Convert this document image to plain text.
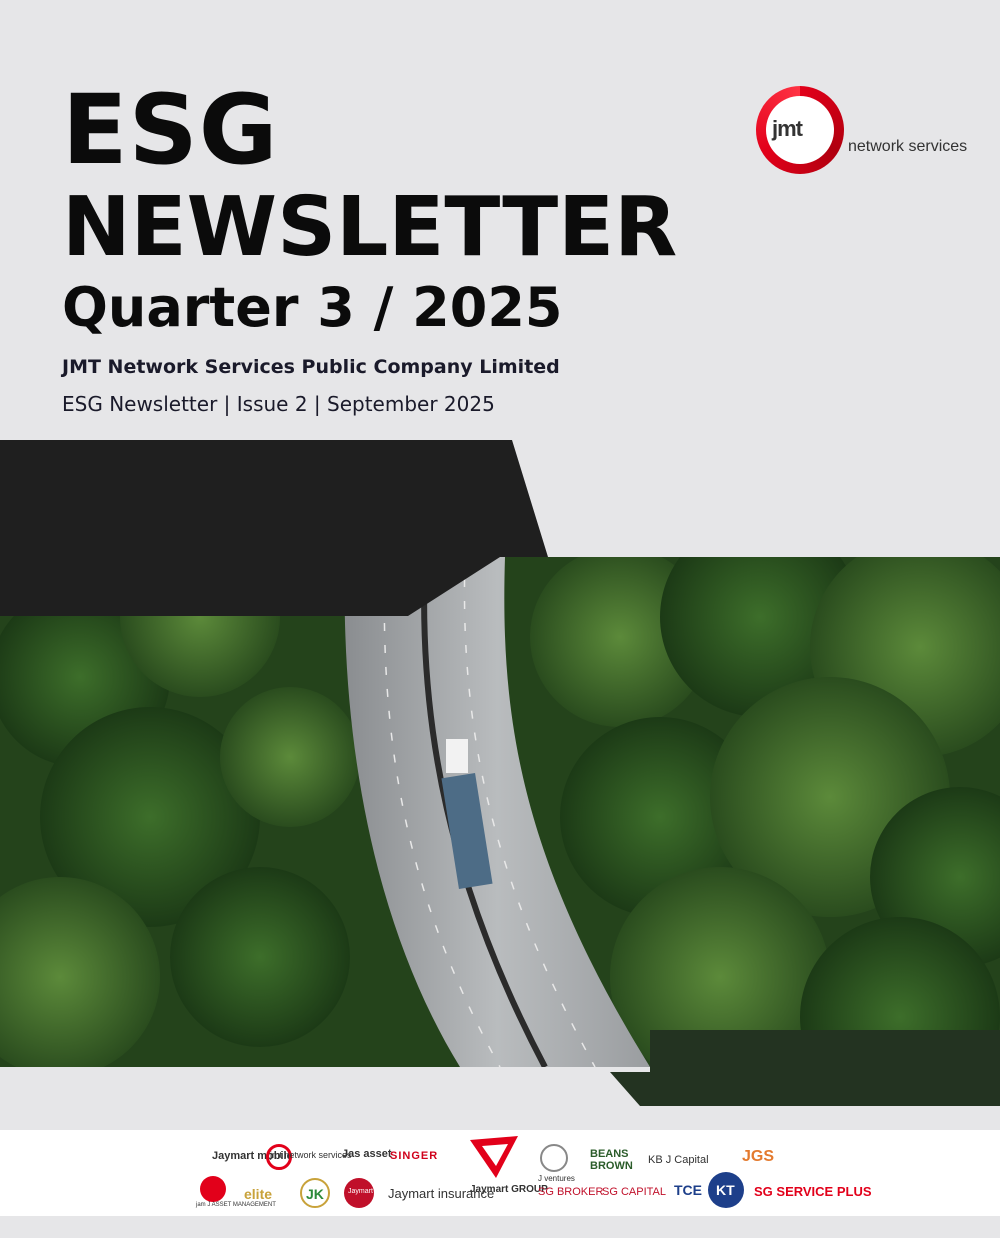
ESG
NEWSLETTER
Quarter 3 / 2025
JMT Network Services Public Company Limited
ESG Newsletter | Issue 2 | September 2025
jmt
network services
Jaymart mobile
jmt network services
Jas asset
SINGER
Jaymart GROUP
J ventures
BEANS BROWN	KB J Capital JGS
jam J ASSET MANAGEMENT
elite JK	Jaymart Jaymart insurance	SG BROKER
SG CAPITAL TCE KT SG SERVICE PLUS
